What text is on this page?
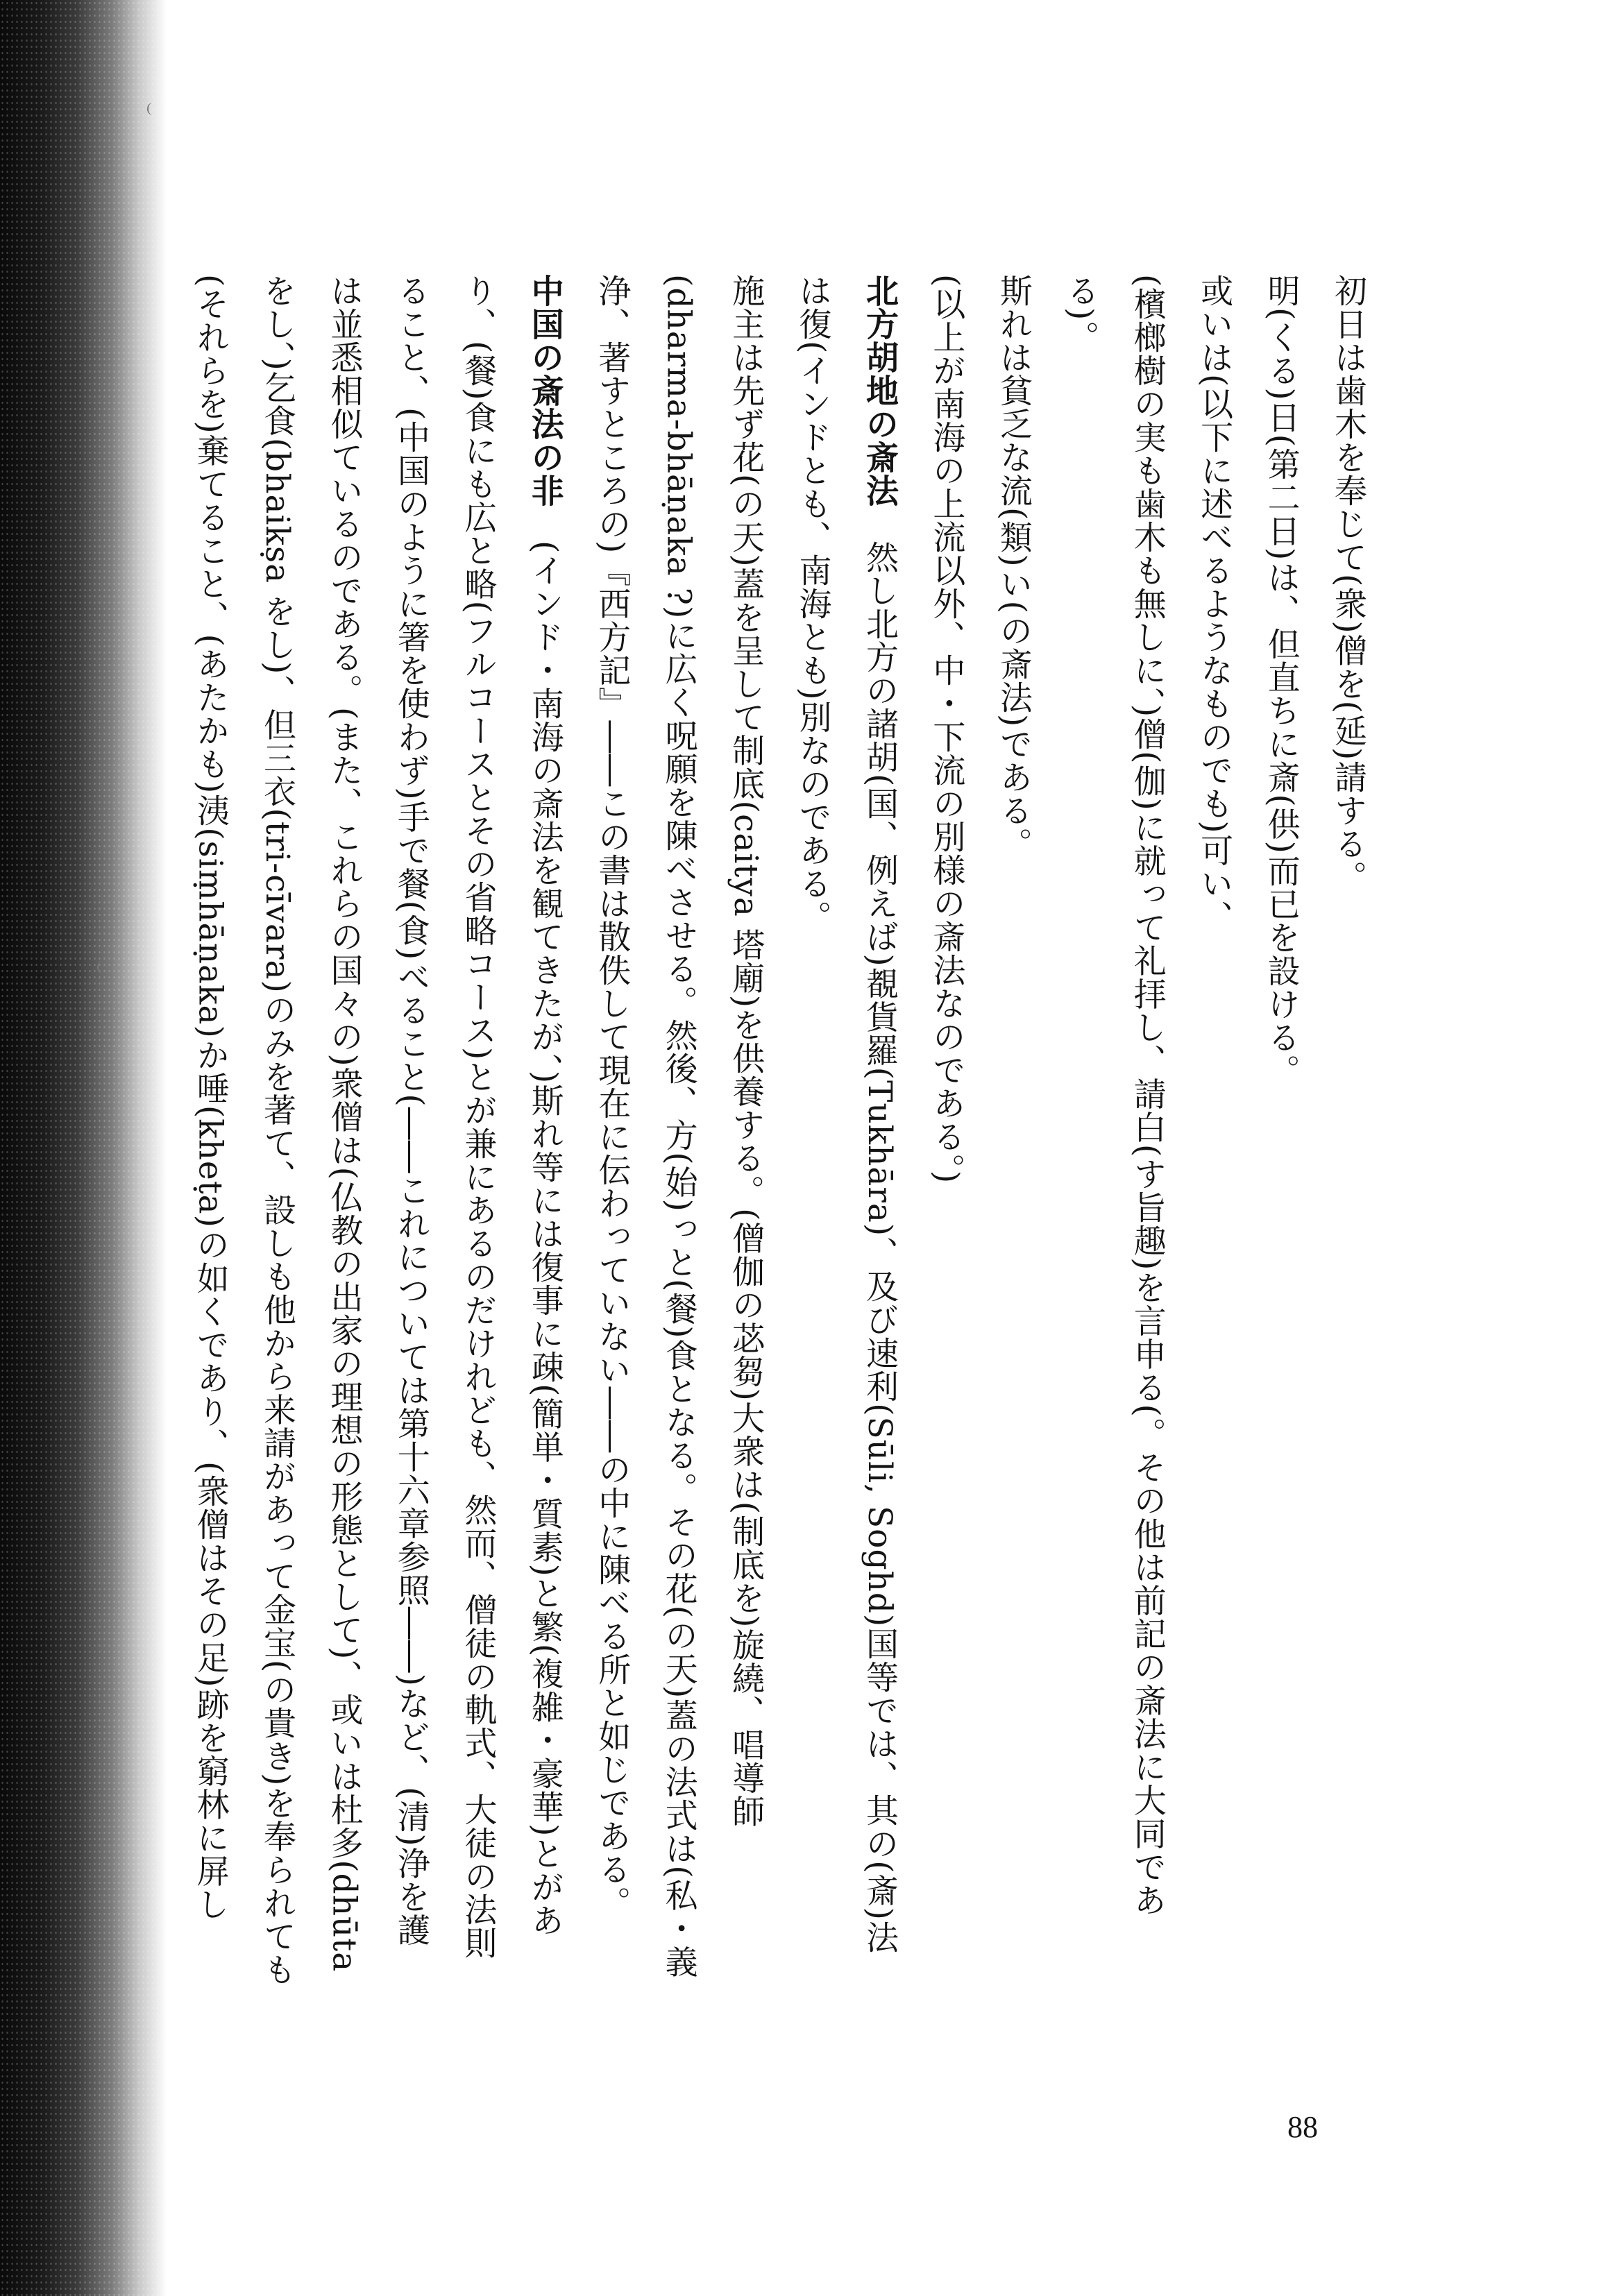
初日は歯木を奉じて(衆)僧を(延)請する。
明(くる)日(第二日)は、但直ちに斎(供)而已を設ける。
或いは(以下に述べるようなものでも)可い、
(檳榔樹の実も歯木も無しに、)僧(伽)に就って礼拝し、請白(す旨趣)を言申る(。その他は前記の斎法に大同であ
る)。
斯れは貧乏な流(類)い(の斎法)である。
(以上が南海の上流以外、中・下流の別様の斎法なのである。)
北方胡地の斎法　然し北方の諸胡(国、例えば)覩貨羅(Tukhāra)、及び速利(Sūli, Soghd)国等では、其の(斎)法
は復(インドとも、南海とも)別なのである。
施主は先ず花(の天)蓋を呈して制底(caitya 塔廟)を供養する。(僧伽の苾芻)大衆は(制底を)旋繞、唱導師
(dharma-bhāṇaka ?)に広く呪願を陳べさせる。然後、方(始)っと(餐)食となる。その花(の天)蓋の法式は(私・義
浄、著すところの)『西方記』――この書は散佚して現在に伝わっていない――の中に陳べる所と如じである。
中国の斎法の非　(インド・南海の斎法を観てきたが、)斯れ等には復事に疎(簡単・質素)と繁(複雑・豪華)とがあ
り、(餐)食にも広と略(フルコースとその省略コース)とが兼にあるのだけれども、然而、僧徒の軌式、大徒の法則
ること、(中国のように箸を使わず)手で餐(食)べること(――これについては第十六章参照――)など、(清)浄を護
は並悉相似ているのである。(また、これらの国々の)衆僧は(仏教の出家の理想の形態として)、或いは杜多(dhūta
をし、)乞食(bhaikṣa をし)、但三衣(tri-cīvara)のみを著て、設しも他から来請があって金宝(の貴き)を奉られても
(それらを)棄てること、(あたかも)洟(siṃhāṇaka)か唾(kheṭa)の如くであり、(衆僧はその足)跡を窮林に屏し
88
